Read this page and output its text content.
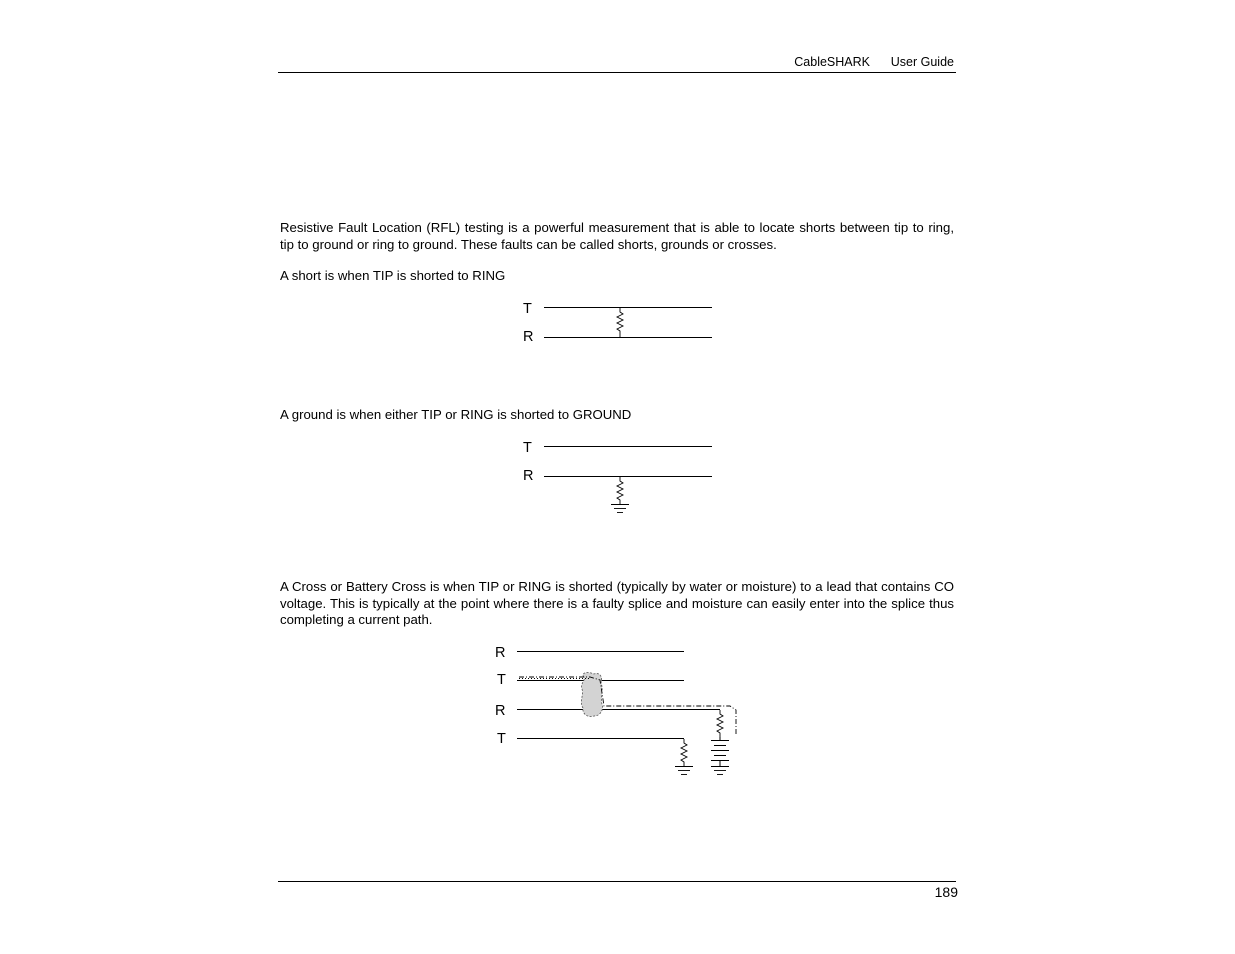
CableSHARK User Guide

Resistive Fault Location (RFL) testing is a powerful measurement that is able to locate shorts between tip to ring, tip to ground or ring to ground. These faults can be called shorts, grounds or crosses.

A short is when TIP is shorted to RING

T
R

A ground is when either TIP or RING is shorted to GROUND

T
R

A Cross or Battery Cross is when TIP or RING is shorted (typically by water or moisture) to a lead that contains CO voltage. This is typically at the point where there is a faulty splice and moisture can easily enter into the splice thus completing a current path.

R
T
R
T
189
